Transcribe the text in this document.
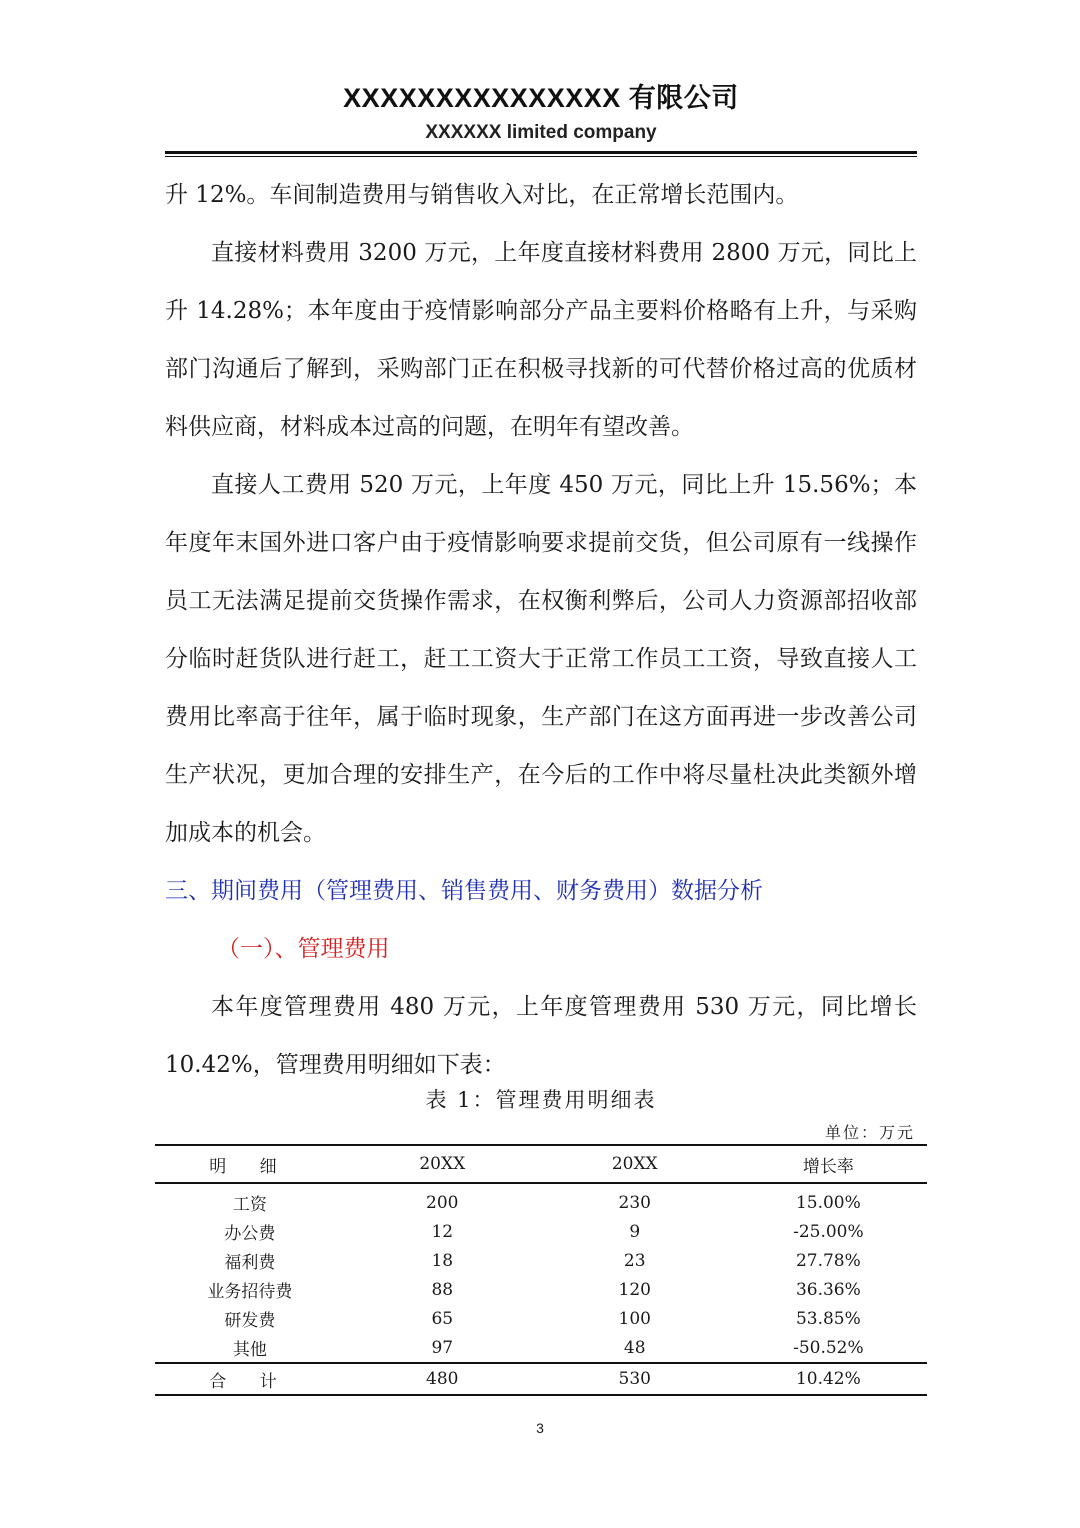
XXXXXXXXXXXXXXX 有限公司
XXXXXX limited company

升 12%。车间制造费用与销售收入对比，在正常增长范围内。

直接材料费用 3200 万元，上年度直接材料费用 2800 万元，同比上升 14.28%；本年度由于疫情影响部分产品主要料价格略有上升，与采购部门沟通后了解到，采购部门正在积极寻找新的可代替价格过高的优质材料供应商，材料成本过高的问题，在明年有望改善。

直接人工费用 520 万元，上年度 450 万元，同比上升 15.56%；本年度年末国外进口客户由于疫情影响要求提前交货，但公司原有一线操作员工无法满足提前交货操作需求，在权衡利弊后，公司人力资源部招收部分临时赶货队进行赶工，赶工工资大于正常工作员工工资，导致直接人工费用比率高于往年，属于临时现象，生产部门在这方面再进一步改善公司生产状况，更加合理的安排生产，在今后的工作中将尽量杜决此类额外增加成本的机会。

三、期间费用（管理费用、销售费用、财务费用）数据分析

（一）、管理费用

本年度管理费用 480 万元，上年度管理费用 530 万元，同比增长 10.42%，管理费用明细如下表：

表 1：管理费用明细表
单位：万元
明 细	20XX	20XX	增长率
工资	200	230	15.00%
办公费	12	9	-25.00%
福利费	18	23	27.78%
业务招待费	88	120	36.36%
研发费	65	100	53.85%
其他	97	48	-50.52%
合 计	480	530	10.42%
3
